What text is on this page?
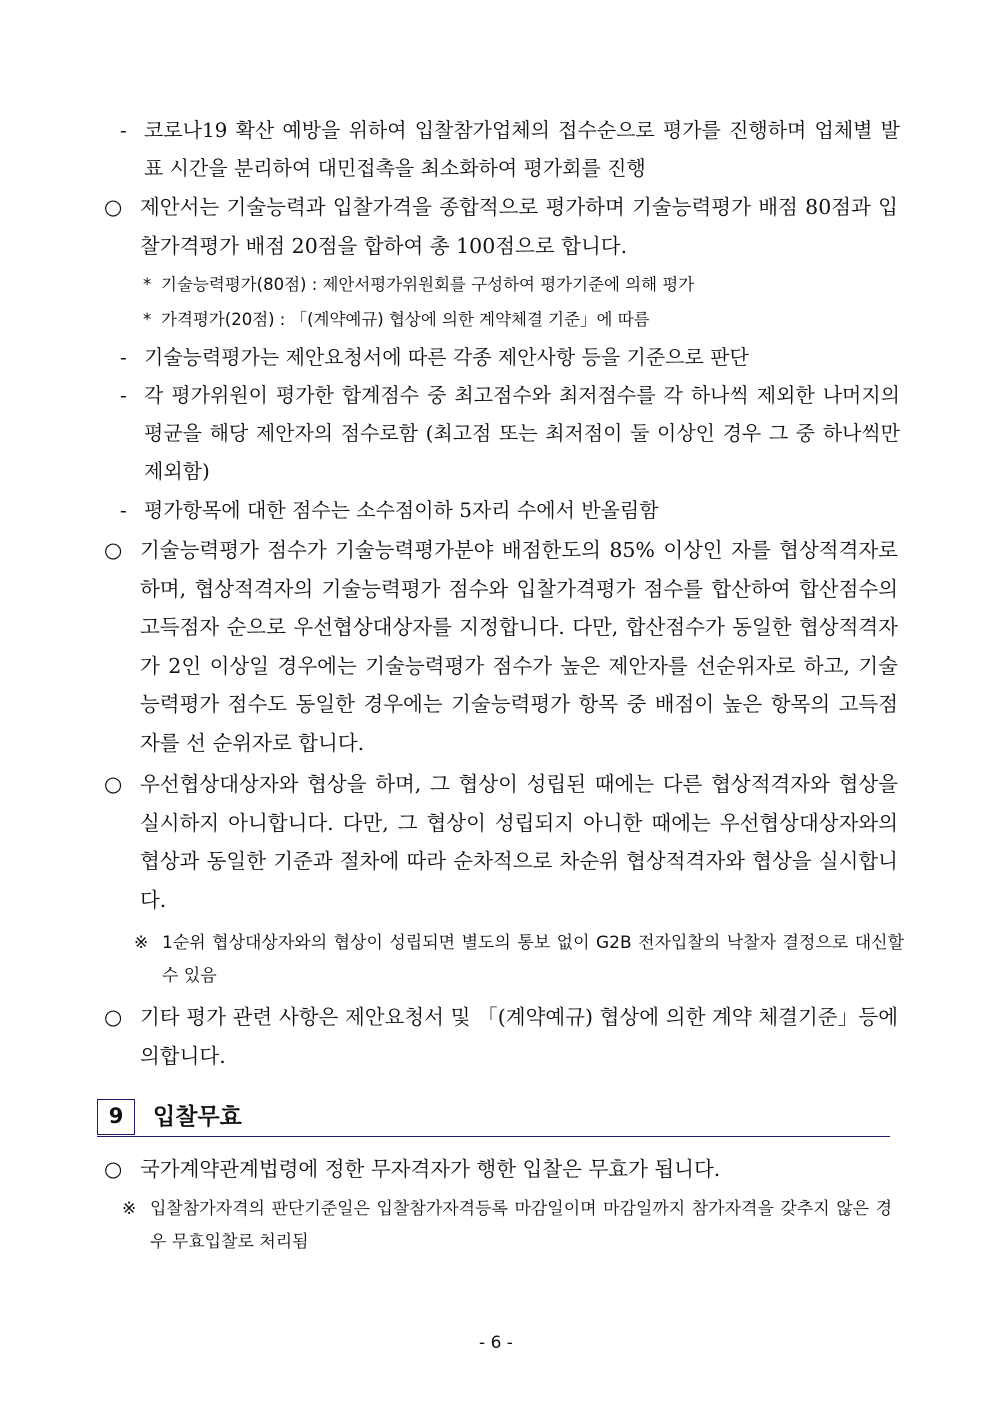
- 코로나19 확산 예방을 위하여 입찰참가업체의 접수순으로 평가를 진행하며 업체별 발표 시간을 분리하여 대민접촉을 최소화하여 평가회를 진행
○ 제안서는 기술능력과 입찰가격을 종합적으로 평가하며 기술능력평가 배점 80점과 입찰가격평가 배점 20점을 합하여 총 100점으로 합니다.
* 기술능력평가(80점) : 제안서평가위원회를 구성하여 평가기준에 의해 평가
* 가격평가(20점) : 「(계약예규) 협상에 의한 계약체결 기준」에 따름
- 기술능력평가는 제안요청서에 따른 각종 제안사항 등을 기준으로 판단
- 각 평가위원이 평가한 합계점수 중 최고점수와 최저점수를 각 하나씩 제외한 나머지의 평균을 해당 제안자의 점수로함 (최고점 또는 최저점이 둘 이상인 경우 그 중 하나씩만 제외함)
- 평가항목에 대한 점수는 소수점이하 5자리 수에서 반올림함
○ 기술능력평가 점수가 기술능력평가분야 배점한도의 85% 이상인 자를 협상적격자로 하며, 협상적격자의 기술능력평가 점수와 입찰가격평가 점수를 합산하여 합산점수의 고득점자 순으로 우선협상대상자를 지정합니다. 다만, 합산점수가 동일한 협상적격자가 2인 이상일 경우에는 기술능력평가 점수가 높은 제안자를 선순위자로 하고, 기술능력평가 점수도 동일한 경우에는 기술능력평가 항목 중 배점이 높은 항목의 고득점자를 선 순위자로 합니다.
○ 우선협상대상자와 협상을 하며, 그 협상이 성립된 때에는 다른 협상적격자와 협상을 실시하지 아니합니다. 다만, 그 협상이 성립되지 아니한 때에는 우선협상대상자와의 협상과 동일한 기준과 절차에 따라 순차적으로 차순위 협상적격자와 협상을 실시합니다.
※ 1순위 협상대상자와의 협상이 성립되면 별도의 통보 없이 G2B 전자입찰의 낙찰자 결정으로 대신할 수 있음
○ 기타 평가 관련 사항은 제안요청서 및 「(계약예규) 협상에 의한 계약 체결기준」등에 의합니다.
9	입찰무효
○ 국가계약관계법령에 정한 무자격자가 행한 입찰은 무효가 됩니다.
※ 입찰참가자격의 판단기준일은 입찰참가자격등록 마감일이며 마감일까지 참가자격을 갖추지 않은 경우 무효입찰로 처리됨
- 6 -
